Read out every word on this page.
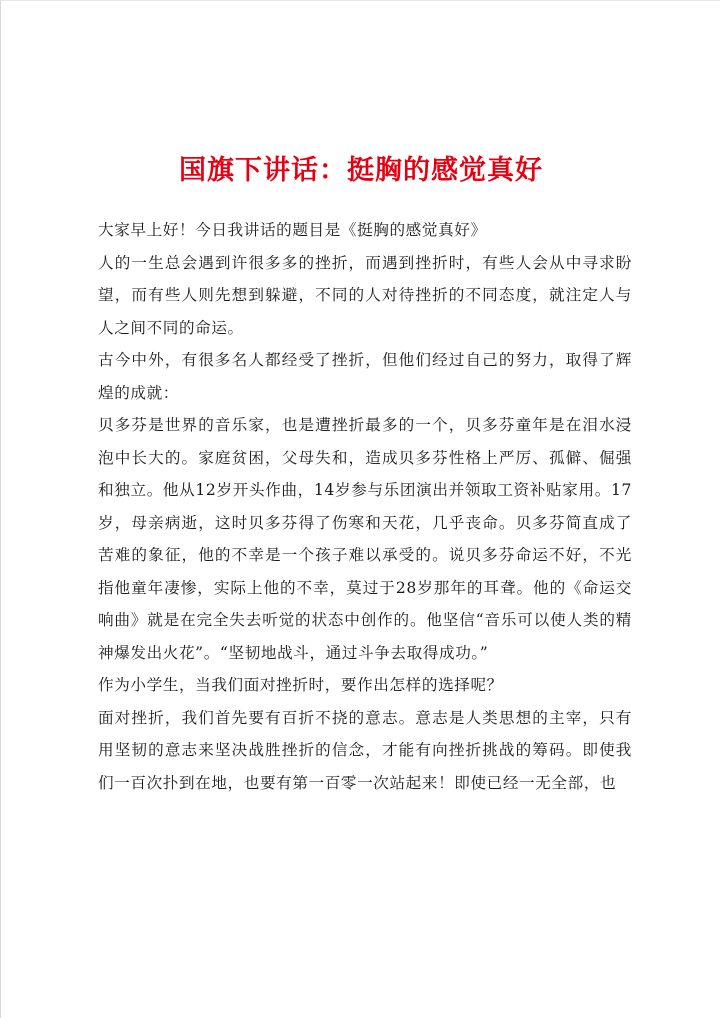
国旗下讲话：挺胸的感觉真好

大家早上好！今日我讲话的题目是《挺胸的感觉真好》

人的一生总会遇到许很多多的挫折，而遇到挫折时，有些人会从中寻求盼望，而有些人则先想到躲避，不同的人对待挫折的不同态度，就注定人与人之间不同的命运。

古今中外，有很多名人都经受了挫折，但他们经过自己的努力，取得了辉煌的成就：

贝多芬是世界的音乐家，也是遭挫折最多的一个，贝多芬童年是在泪水浸泡中长大的。家庭贫困，父母失和，造成贝多芬性格上严厉、孤僻、倔强和独立。他从12岁开头作曲，14岁参与乐团演出并领取工资补贴家用。17岁，母亲病逝，这时贝多芬得了伤寒和天花，几乎丧命。贝多芬简直成了苦难的象征，他的不幸是一个孩子难以承受的。说贝多芬命运不好，不光指他童年凄惨，实际上他的不幸，莫过于28岁那年的耳聋。他的《命运交响曲》就是在完全失去听觉的状态中创作的。他坚信“音乐可以使人类的精神爆发出火花”。“坚韧地战斗，通过斗争去取得成功。”

作为小学生，当我们面对挫折时，要作出怎样的选择呢？

面对挫折，我们首先要有百折不挠的意志。意志是人类思想的主宰，只有用坚韧的意志来坚决战胜挫折的信念，才能有向挫折挑战的筹码。即使我们一百次扑到在地，也要有第一百零一次站起来！即使已经一无全部，也
